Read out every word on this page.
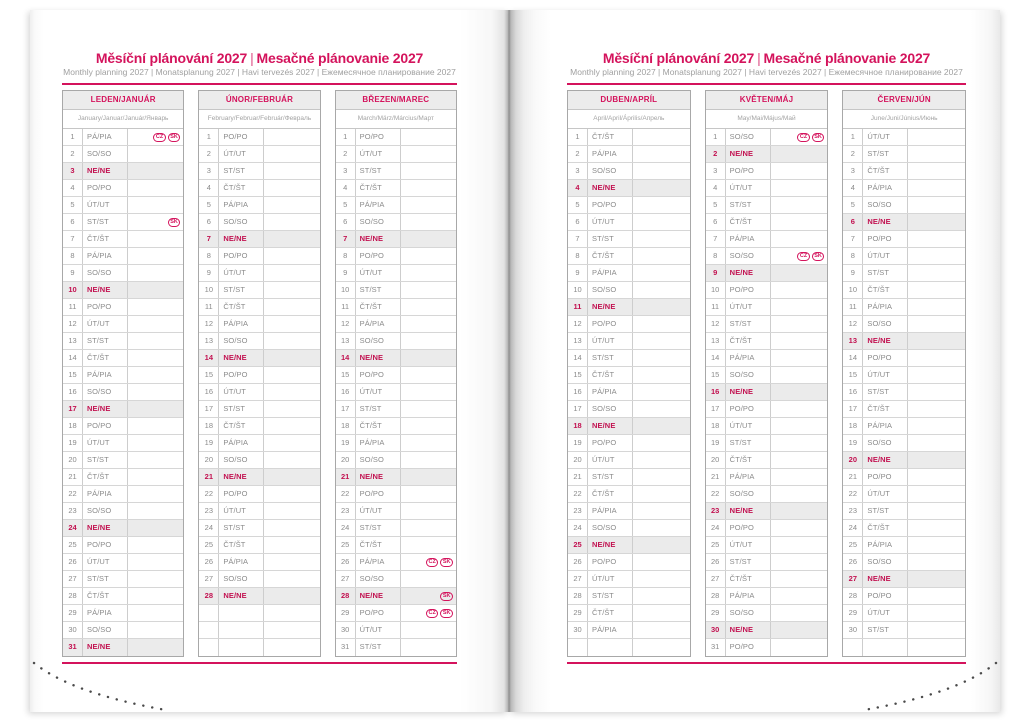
Měsíční plánování 2027 | Mesačné plánovanie 2027
Monthly planning 2027 | Monatsplanung 2027 | Havi tervezés 2027 | Ежемесячное планирование 2027
LEDEN/JANUÁR
January/Januar/Január/Январь
1	PÁ/PIA	CZ SK
2	SO/SO
3	NE/NE
4	PO/PO
5	ÚT/UT
6	ST/ST	SK
7	ČT/ŠT
8	PÁ/PIA
9	SO/SO
10	NE/NE
11	PO/PO
12	ÚT/UT
13	ST/ST
14	ČT/ŠT
15	PÁ/PIA
16	SO/SO
17	NE/NE
18	PO/PO
19	ÚT/UT
20	ST/ST
21	ČT/ŠT
22	PÁ/PIA
23	SO/SO
24	NE/NE
25	PO/PO
26	ÚT/UT
27	ST/ST
28	ČT/ŠT
29	PÁ/PIA
30	SO/SO
31	NE/NE
ÚNOR/FEBRUÁR
February/Februar/Február/Февраль
1	PO/PO
2	ÚT/UT
3	ST/ST
4	ČT/ŠT
5	PÁ/PIA
6	SO/SO
7	NE/NE
8	PO/PO
9	ÚT/UT
10	ST/ST
11	ČT/ŠT
12	PÁ/PIA
13	SO/SO
14	NE/NE
15	PO/PO
16	ÚT/UT
17	ST/ST
18	ČT/ŠT
19	PÁ/PIA
20	SO/SO
21	NE/NE
22	PO/PO
23	ÚT/UT
24	ST/ST
25	ČT/ŠT
26	PÁ/PIA
27	SO/SO
28	NE/NE
BŘEZEN/MAREC
March/März/Március/Март
1	PO/PO
2	ÚT/UT
3	ST/ST
4	ČT/ŠT
5	PÁ/PIA
6	SO/SO
7	NE/NE
8	PO/PO
9	ÚT/UT
10	ST/ST
11	ČT/ŠT
12	PÁ/PIA
13	SO/SO
14	NE/NE
15	PO/PO
16	ÚT/UT
17	ST/ST
18	ČT/ŠT
19	PÁ/PIA
20	SO/SO
21	NE/NE
22	PO/PO
23	ÚT/UT
24	ST/ST
25	ČT/ŠT
26	PÁ/PIA	CZ SK
27	SO/SO
28	NE/NE	SK
29	PO/PO	CZ SK
30	ÚT/UT
31	ST/ST
Měsíční plánování 2027 | Mesačné plánovanie 2027
Monthly planning 2027 | Monatsplanung 2027 | Havi tervezés 2027 | Ежемесячное планирование 2027
DUBEN/APRÍL
April/April/Április/Апрель
1	ČT/ŠT
2	PÁ/PIA
3	SO/SO
4	NE/NE
5	PO/PO
6	ÚT/UT
7	ST/ST
8	ČT/ŠT
9	PÁ/PIA
10	SO/SO
11	NE/NE
12	PO/PO
13	ÚT/UT
14	ST/ST
15	ČT/ŠT
16	PÁ/PIA
17	SO/SO
18	NE/NE
19	PO/PO
20	ÚT/UT
21	ST/ST
22	ČT/ŠT
23	PÁ/PIA
24	SO/SO
25	NE/NE
26	PO/PO
27	ÚT/UT
28	ST/ST
29	ČT/ŠT
30	PÁ/PIA
KVĚTEN/MÁJ
May/Mai/Május/Май
1	SO/SO	CZ SK
2	NE/NE
3	PO/PO
4	ÚT/UT
5	ST/ST
6	ČT/ŠT
7	PÁ/PIA
8	SO/SO	CZ SK
9	NE/NE
10	PO/PO
11	ÚT/UT
12	ST/ST
13	ČT/ŠT
14	PÁ/PIA
15	SO/SO
16	NE/NE
17	PO/PO
18	ÚT/UT
19	ST/ST
20	ČT/ŠT
21	PÁ/PIA
22	SO/SO
23	NE/NE
24	PO/PO
25	ÚT/UT
26	ST/ST
27	ČT/ŠT
28	PÁ/PIA
29	SO/SO
30	NE/NE
31	PO/PO
ČERVEN/JÚN
June/Juni/Június/Июнь
1	ÚT/UT
2	ST/ST
3	ČT/ŠT
4	PÁ/PIA
5	SO/SO
6	NE/NE
7	PO/PO
8	ÚT/UT
9	ST/ST
10	ČT/ŠT
11	PÁ/PIA
12	SO/SO
13	NE/NE
14	PO/PO
15	ÚT/UT
16	ST/ST
17	ČT/ŠT
18	PÁ/PIA
19	SO/SO
20	NE/NE
21	PO/PO
22	ÚT/UT
23	ST/ST
24	ČT/ŠT
25	PÁ/PIA
26	SO/SO
27	NE/NE
28	PO/PO
29	ÚT/UT
30	ST/ST
